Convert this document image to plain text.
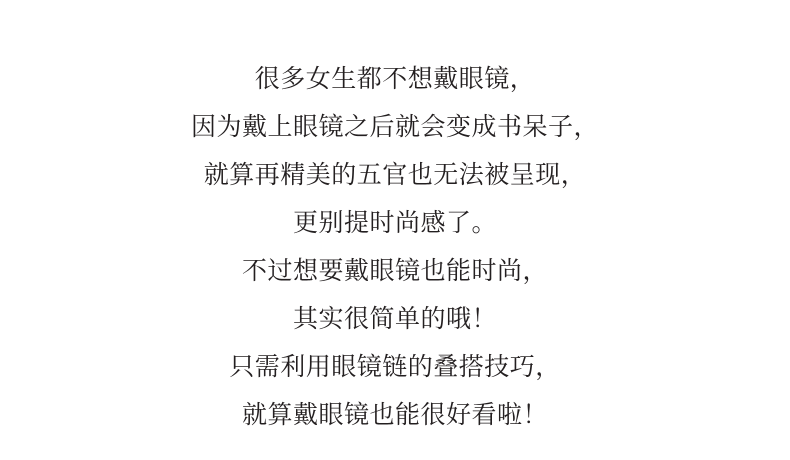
很多女生都不想戴眼镜，
因为戴上眼镜之后就会变成书呆子，
就算再精美的五官也无法被呈现，
更别提时尚感了。
不过想要戴眼镜也能时尚，
其实很简单的哦！
只需利用眼镜链的叠搭技巧，
就算戴眼镜也能很好看啦！
